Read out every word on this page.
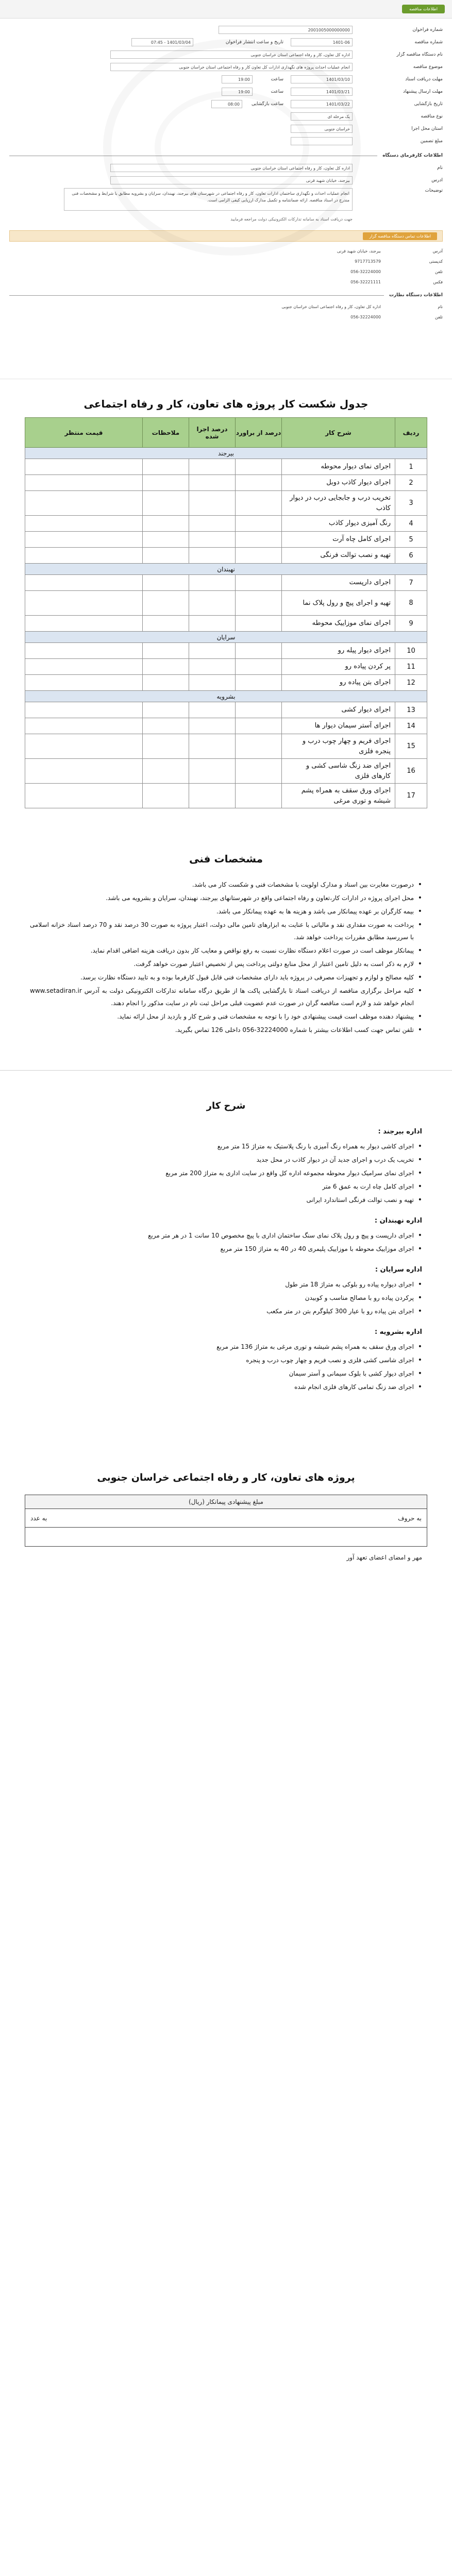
اطلاعات مناقصه
شماره فراخوان
2001005000000000
شماره مناقصه
1401-06
تاریخ و ساعت انتشار فراخوان
1401/03/04 - 07:45
نام دستگاه مناقصه گزار
اداره کل تعاون، کار و رفاه اجتماعی استان خراسان جنوبی
موضوع مناقصه
انجام عملیات احداث پروژه های نگهداری ادارات کل تعاون کار و رفاه اجتماعی استان خراسان جنوبی
مهلت دریافت اسناد
1401/03/10
ساعت
19:00
مهلت ارسال پیشنهاد
1401/03/21
ساعت
19:00
تاریخ بازگشایی
1401/03/22
ساعت بازگشایی
08:00
نوع مناقصه
یک مرحله ای
استان محل اجرا
خراسان جنوبی
مبلغ تضمین
اطلاعات کارفرمای دستگاه
نام
اداره کل تعاون، کار و رفاه اجتماعی استان خراسان جنوبی
آدرس
بیرجند، خیابان شهید قرنی
توضیحات
انجام عملیات احداث و نگهداری ساختمان ادارات تعاون، کار و رفاه اجتماعی در شهرستان های بیرجند، نهبندان، سرایان و بشرویه مطابق با شرایط و مشخصات فنی مندرج در اسناد مناقصه. ارائه ضمانتنامه و تکمیل مدارک ارزیابی کیفی الزامی است.
جهت دریافت اسناد به سامانه تدارکات الکترونیکی دولت مراجعه فرمایید
اطلاعات تماس دستگاه مناقصه گزار
آدرس
بیرجند، خیابان شهید قرنی
کدپستی
9717713579
تلفن
056-32224000
فکس
056-32221111
اطلاعات دستگاه نظارت
نام
اداره کل تعاون، کار و رفاه اجتماعی استان خراسان جنوبی
تلفن
056-32224000
جدول شکست کار پروژه های تعاون، کار و رفاه اجتماعی
ردیف	شرح کار	درصد از براورد	درصد اجرا شده	ملاحظات	قیمت منتظر
بیرجند					
1	اجرای نمای دیوار محوطه				
2	اجرای دیوار کاذب دوبل				
3	تخریب درب و جابجایی درب در دیوار کاذب				
4	رنگ آمیزی دیوار کاذب				
5	اجرای کامل چاه آرت				
6	تهیه و نصب توالت فرنگی				
نهبندان					
7	اجرای دارپست				
8	تهیه و اجرای پیچ و رول پلاک نما				
9	اجرای نمای موزاییک محوطه				
سرایان					
10	اجرای دیوار پیله رو				
11	پر کردن پیاده رو				
12	اجرای بتن پیاده رو				
بشرویه					
13	اجرای دیوار کشی				
14	اجرای آستر سیمان دیوار ها				
15	اجرای فریم و چهار چوب درب و پنجره فلزی				
16	اجرای ضد زنگ شاسی کشی و کارهای فلزی				
17	اجرای ورق سقف به همراه پشم شیشه و توری مرغی				
مشخصات فنی
• درصورت مغایرت بین اسناد و مدارک اولویت با مشخصات فنی و شکست کار می باشد.
• محل اجرای پروژه در ادارات کار،تعاون و رفاه اجتماعی واقع در شهرستانهای بیرجند، نهبندان، سرایان و بشرویه می باشد.
• بیمه کارگران بر عهده پیمانکار می باشد و هزینه ها به عهده پیمانکار می باشد.
• پرداخت به صورت مقداری نقد و مالیاتی با عنایت به ابزارهای تامین مالی دولت، اعتبار پروژه به صورت 30 درصد نقد و 70 درصد اسناد خزانه اسلامی با سررسید مطابق مقررات پرداخت خواهد شد.
• پیمانکار موظف است در صورت اعلام دستگاه نظارت نسبت به رفع نواقص و معایب کار بدون دریافت هزینه اضافی اقدام نماید.
• لازم به ذکر است به دلیل تامین اعتبار از محل منابع دولتی پرداخت پس از تخصیص اعتبار صورت خواهد گرفت.
• کلیه مصالح و لوازم و تجهیزات مصرفی در پروژه باید دارای مشخصات فنی قابل قبول کارفرما بوده و به تایید دستگاه نظارت برسد.
• کلیه مراحل برگزاری مناقصه از دریافت اسناد تا بازگشایی پاکت ها از طریق درگاه سامانه تدارکات الکترونیکی دولت به آدرس www.setadiran.ir انجام خواهد شد و لازم است مناقصه گران در صورت عدم عضویت قبلی مراحل ثبت نام در سایت مذکور را انجام دهند.
• پیشنهاد دهنده موظف است قیمت پیشنهادی خود را با توجه به مشخصات فنی و شرح کار و بازدید از محل ارائه نماید.
• تلفن تماس جهت کسب اطلاعات بیشتر با شماره 32224000-056 داخلی 126 تماس بگیرید.
شرح کار
اداره بیرجند :
• اجرای کاشی دیوار به همراه رنگ آمیزی با رنگ پلاستیک به متراژ 15 متر مربع
• تخریب یک درب و اجرای جدید آن در دیوار کاذب در محل جدید
• اجرای نمای سرامیک دیوار محوطه مجموعه اداره کل واقع در سایت اداری به متراژ 200 متر مربع
• اجرای کامل چاه ارت به عمق 6 متر
• تهیه و نصب توالت فرنگی استاندارد ایرانی
اداره نهبندان :
• اجرای دارپست و پیچ و رول پلاک نمای سنگ ساختمان اداری با پیچ مخصوص 10 سانت 1 در هر متر مربع
• اجرای موزاییک محوطه با موزاییک پلیمری 40 در 40 به متراژ 150 متر مربع
اداره سرایان :
• اجرای دیواره پیاده رو بلوکی به متراژ 18 متر طول
• پرکردن پیاده رو با مصالح مناسب و کوبیدن
• اجرای بتن پیاده رو با عیار 300 کیلوگرم بتن در متر مکعب
اداره بشرویه :
• اجرای ورق سقف به همراه پشم شیشه و توری مرغی به متراژ 136 متر مربع
• اجرای شاسی کشی فلزی و نصب فریم و چهار چوب درب و پنجره
• اجرای دیوار کشی با بلوک سیمانی و آستر سیمان
• اجرای ضد زنگ تمامی کارهای فلزی انجام شده
پروژه های تعاون، کار و رفاه اجتماعی خراسان جنوبی
مبلغ پیشنهادی پیمانکار (ریال)
به حروف
به عدد
مهر و امضای اعضای تعهد آور
